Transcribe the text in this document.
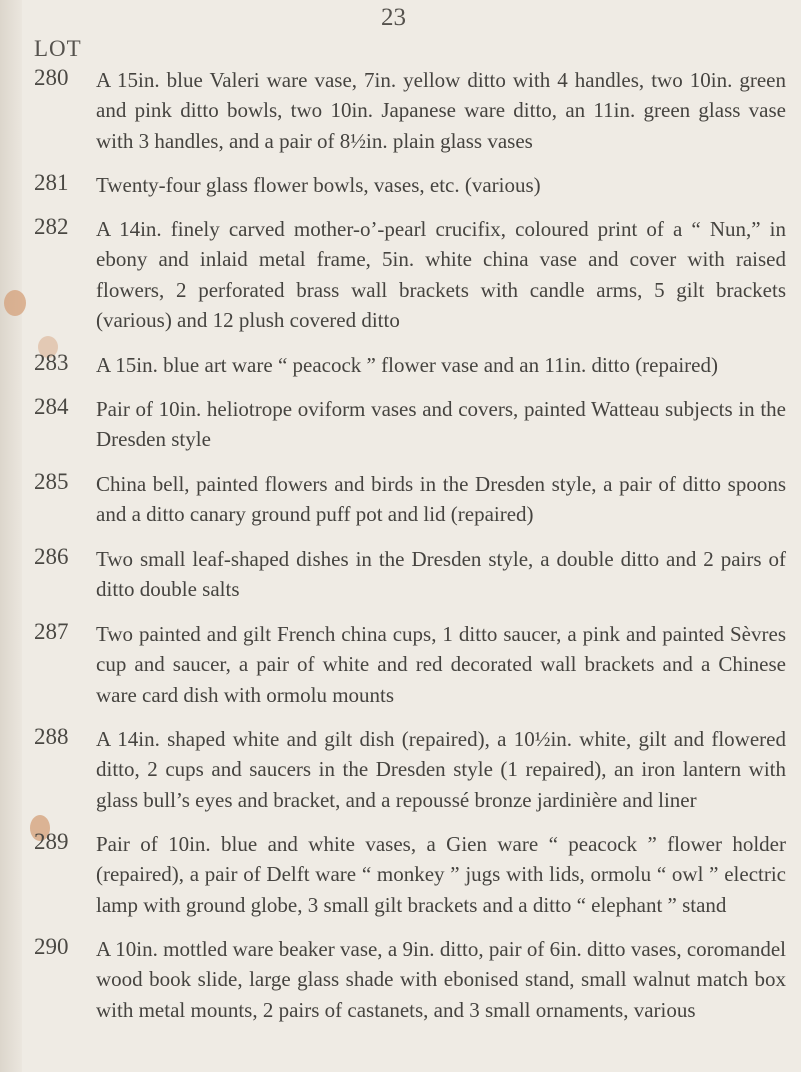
23
LOT
280 A 15in. blue Valeri ware vase, 7in. yellow ditto with 4 handles, two 10in. green and pink ditto bowls, two 10in. Japanese ware ditto, an 11in. green glass vase with 3 handles, and a pair of 8½in. plain glass vases
281 Twenty-four glass flower bowls, vases, etc. (various)
282 A 14in. finely carved mother-o’-pearl crucifix, coloured print of a “ Nun,” in ebony and inlaid metal frame, 5in. white china vase and cover with raised flowers, 2 perforated brass wall brackets with candle arms, 5 gilt brackets (various) and 12 plush covered ditto
283 A 15in. blue art ware “ peacock ” flower vase and an 11in. ditto (repaired)
284 Pair of 10in. heliotrope oviform vases and covers, painted Watteau subjects in the Dresden style
285 China bell, painted flowers and birds in the Dresden style, a pair of ditto spoons and a ditto canary ground puff pot and lid (repaired)
286 Two small leaf-shaped dishes in the Dresden style, a double ditto and 2 pairs of ditto double salts
287 Two painted and gilt French china cups, 1 ditto saucer, a pink and painted Sèvres cup and saucer, a pair of white and red decorated wall brackets and a Chinese ware card dish with ormolu mounts
288 A 14in. shaped white and gilt dish (repaired), a 10½in. white, gilt and flowered ditto, 2 cups and saucers in the Dresden style (1 repaired), an iron lantern with glass bull’s eyes and bracket, and a repoussé bronze jardinière and liner
289 Pair of 10in. blue and white vases, a Gien ware “ peacock ” flower holder (repaired), a pair of Delft ware “ monkey ” jugs with lids, ormolu “ owl ” electric lamp with ground globe, 3 small gilt brackets and a ditto “ elephant ” stand
290 A 10in. mottled ware beaker vase, a 9in. ditto, pair of 6in. ditto vases, coromandel wood book slide, large glass shade with ebonised stand, small walnut match box with metal mounts, 2 pairs of castanets, and 3 small ornaments, various
